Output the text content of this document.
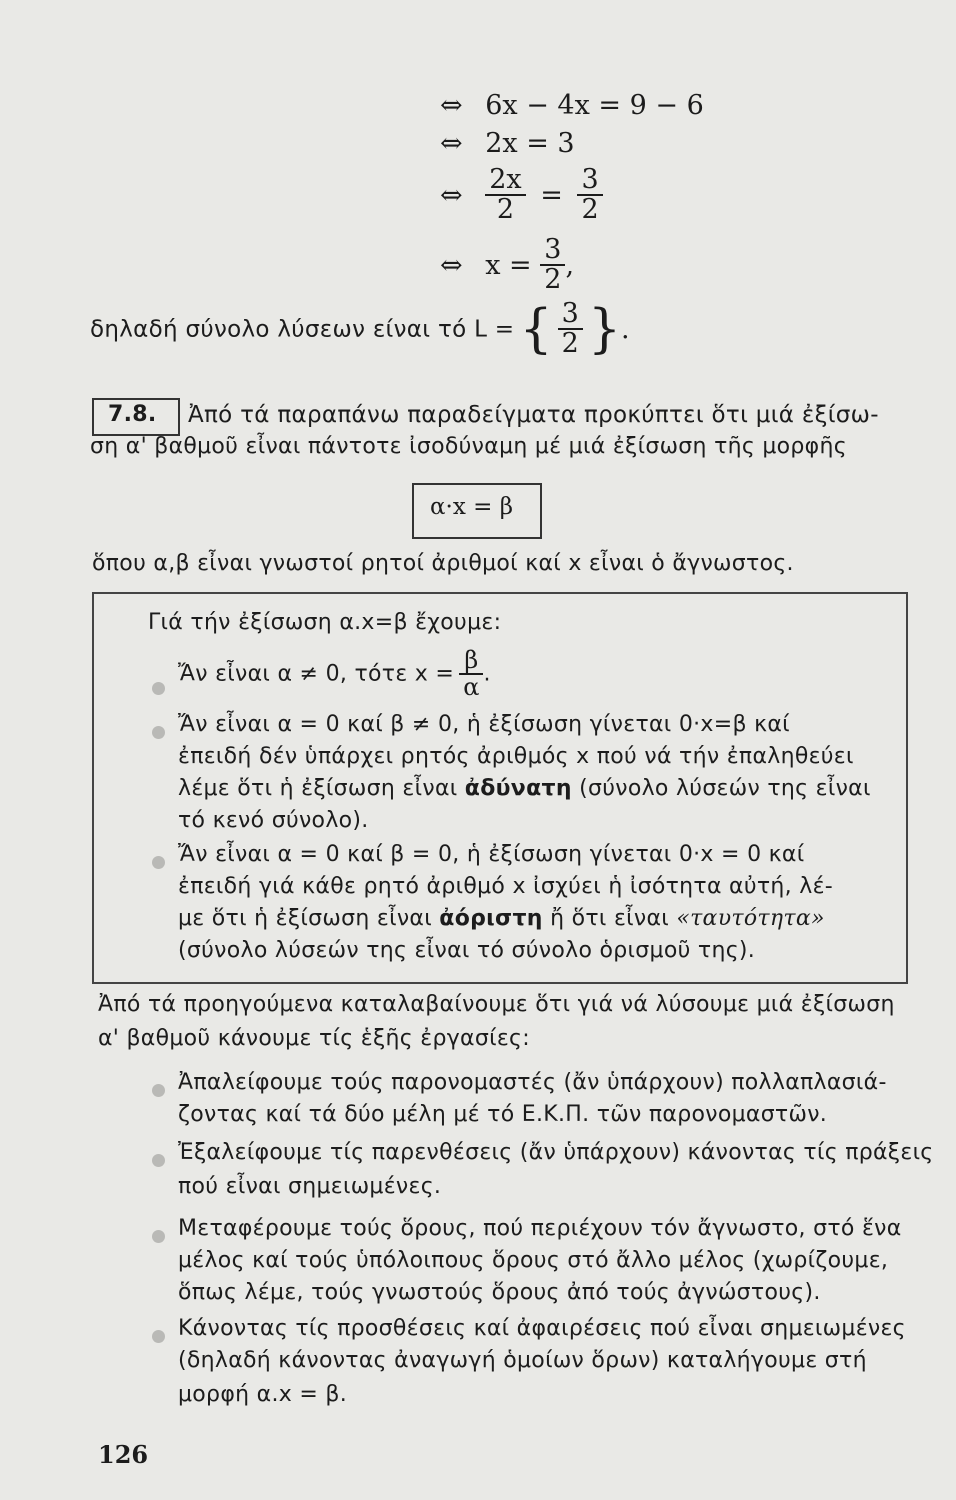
⇔ 6x − 4x = 9 − 6
⇔ 2x = 3
⇔ $\frac{2x}{2} = \frac{3}{2}$
⇔ $x = \frac{3}{2}$ ,
δηλαδή σύνολο λύσεων είναι τό L = { $\frac{3}{2}$ }.
7.8. Ἀπό τά παραπάνω παραδείγματα προκύπτει ὅτι μιά ἐξίσω-
ση α' βαθμοῦ εἶναι πάντοτε ἰσοδύναμη μέ μιά ἐξίσωση τῆς μορφῆς
α·x = β
ὅπου α,β εἶναι γνωστοί ρητοί ἀριθμοί καί x εἶναι ὁ ἄγνωστος.
Γιά τήν ἐξίσωση α.x=β ἔχουμε:
Ἄν εἶναι α ≠ 0, τότε $x = \frac{\beta}{\alpha}$ .
Ἄν εἶναι α = 0 καί β ≠ 0, ἡ ἐξίσωση γίνεται 0·x=β καί
ἐπειδή δέν ὑπάρχει ρητός ἀριθμός x πού νά τήν ἐπαληθεύει
λέμε ὅτι ἡ ἐξίσωση εἶναι ἀδύνατη (σύνολο λύσεών της εἶναι
τό κενό σύνολο).
Ἄν εἶναι α = 0 καί β = 0, ἡ ἐξίσωση γίνεται 0·x = 0 καί
ἐπειδή γιά κάθε ρητό ἀριθμό x ἰσχύει ἡ ἰσότητα αὐτή, λέ-
με ὅτι ἡ ἐξίσωση εἶναι ἀόριστη ἤ ὅτι εἶναι «ταυτότητα»
(σύνολο λύσεών της εἶναι τό σύνολο ὁρισμοῦ της).
Ἀπό τά προηγούμενα καταλαβαίνουμε ὅτι γιά νά λύσουμε μιά ἐξίσωση
α' βαθμοῦ κάνουμε τίς ἑξῆς ἐργασίες:
Ἀπαλείφουμε τούς παρονομαστές (ἄν ὑπάρχουν) πολλαπλασιά-
ζοντας καί τά δύο μέλη μέ τό Ε.Κ.Π. τῶν παρονομαστῶν.
Ἐξαλείφουμε τίς παρενθέσεις (ἄν ὑπάρχουν) κάνοντας τίς πράξεις
πού εἶναι σημειωμένες.
Μεταφέρουμε τούς ὅρους, πού περιέχουν τόν ἄγνωστο, στό ἕνα
μέλος καί τούς ὑπόλοιπους ὅρους στό ἄλλο μέλος (χωρίζουμε,
ὅπως λέμε, τούς γνωστούς ὅρους ἀπό τούς ἀγνώστους).
Κάνοντας τίς προσθέσεις καί ἀφαιρέσεις πού εἶναι σημειωμένες
(δηλαδή κάνοντας ἀναγωγή ὁμοίων ὅρων) καταλήγουμε στή
μορφή α.x = β.
126
